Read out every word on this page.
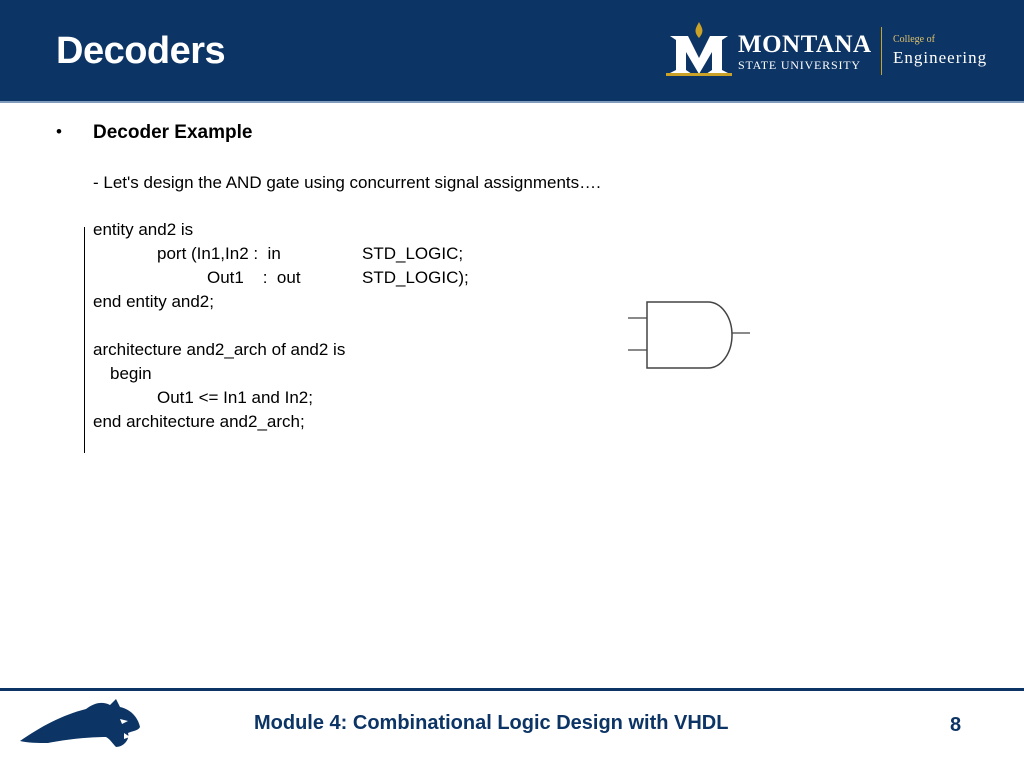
Decoders	MONTANA
STATE UNIVERSITY
College of
Engineering
• Decoder Example
- Let's design the AND gate using concurrent signal assignments….
entity and2 is
port (In1,In2 :  in	STD_LOGIC;
Out1    :  out	STD_LOGIC);
end entity and2;
architecture and2_arch of and2 is
begin
Out1 <= In1 and In2;
end architecture and2_arch;
Module 4: Combinational Logic Design with VHDL	8
